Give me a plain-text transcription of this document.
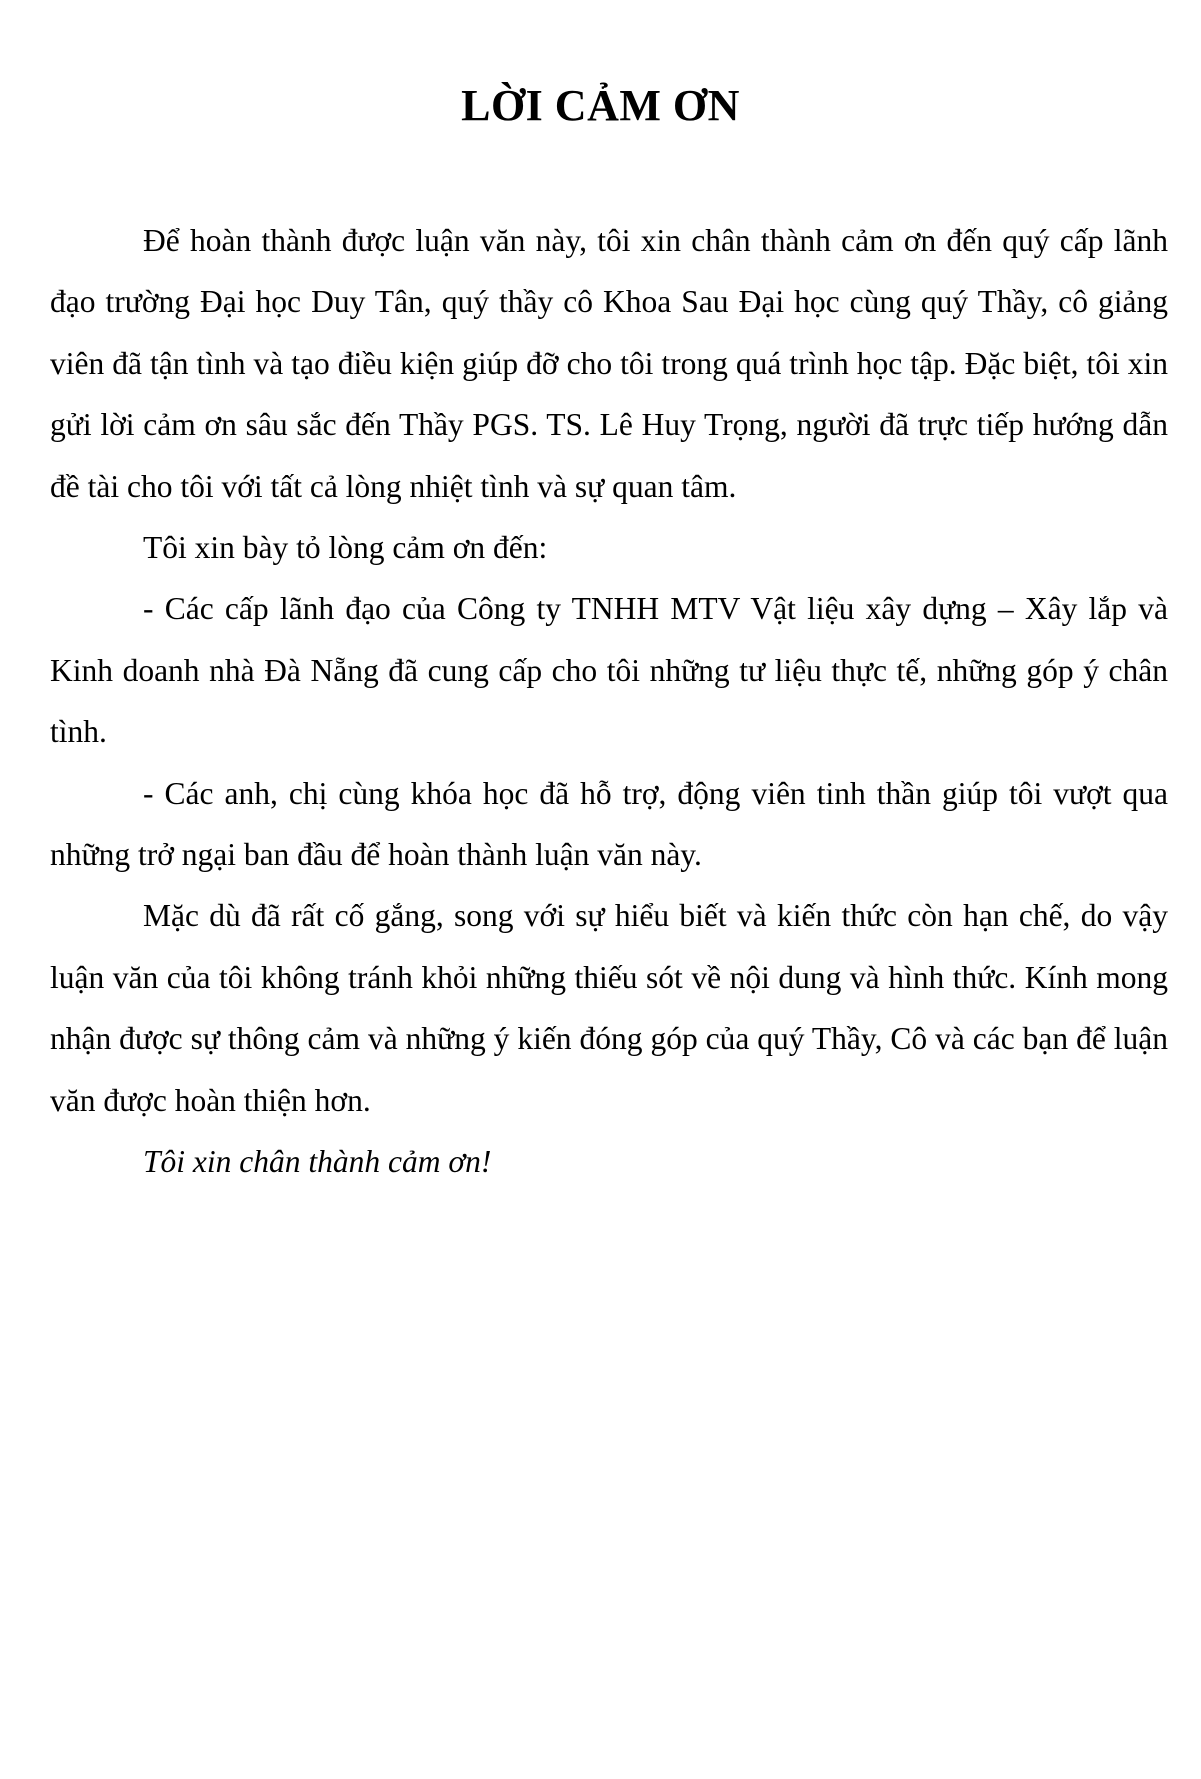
LỜI CẢM ƠN

Để hoàn thành được luận văn này, tôi xin chân thành cảm ơn đến quý cấp lãnh đạo trường Đại học Duy Tân, quý thầy cô Khoa Sau Đại học cùng quý Thầy, cô giảng viên đã tận tình và tạo điều kiện giúp đỡ cho tôi trong quá trình học tập. Đặc biệt, tôi xin gửi lời cảm ơn sâu sắc đến Thầy PGS. TS. Lê Huy Trọng, người đã trực tiếp hướng dẫn đề tài cho tôi với tất cả lòng nhiệt tình và sự quan tâm.

Tôi xin bày tỏ lòng cảm ơn đến:

- Các cấp lãnh đạo của Công ty TNHH MTV Vật liệu xây dựng – Xây lắp và Kinh doanh nhà Đà Nẵng đã cung cấp cho tôi những tư liệu thực tế, những góp ý chân tình.

- Các anh, chị cùng khóa học đã hỗ trợ, động viên tinh thần giúp tôi vượt qua những trở ngại ban đầu để hoàn thành luận văn này.

Mặc dù đã rất cố gắng, song với sự hiểu biết và kiến thức còn hạn chế, do vậy luận văn của tôi không tránh khỏi những thiếu sót về nội dung và hình thức. Kính mong nhận được sự thông cảm và những ý kiến đóng góp của quý Thầy, Cô và các bạn để luận văn được hoàn thiện hơn.

Tôi xin chân thành cảm ơn!
